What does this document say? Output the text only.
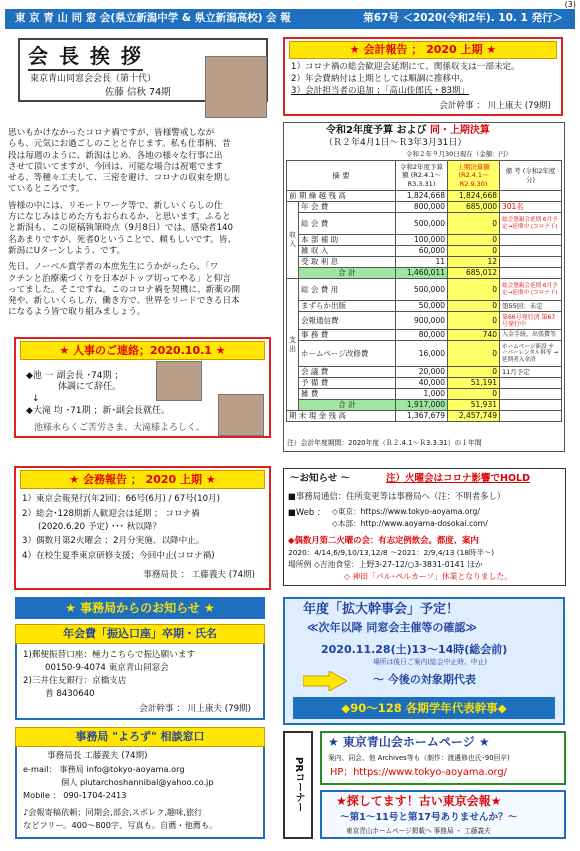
(3)
東 京 青 山 同 窓 会(県立新潟中学 & 県立新潟高校) 会 報	第67号 ＜2020(令和2年). 10. 1 発行＞
会 長 挨 拶
東京青山同窓会会長（第十代）
佐藤 信秋 74期
思いもかけなかったコロナ禍ですが、皆様警戒しなが
らも、元気にお過ごしのことと存じます。私も仕事柄、昔
段は毎週のように、新潟はじめ、各地の様々な行事に出
させて頂いてますが、今回は、可能な場合は祝電でます
せる、等種々工夫して、三密を避け、コロナの収束を期し
ているところです。
皆様の中には、リモートワーク等で、新しいくらしの仕
方になじみはじめた方もおられるか、と思います。ふると
と新潟も、この原稿執筆時点（9月8日）では、感染者140
名あまりですが、死者0ということで、頼もしいです。皆、
新潟にUターンしよう、です。
先日、ノーベル賞学者の本庶先生にうかがったら、「ワ
クチンと治療薬づくりを日本がトップ切ってやる」と仰言
ってました。そこですね。このコロナ禍を契機に、新薬の開
発や、新しいくらし方、働き方で、世界をリードできる日本
になるよう皆で取り組みましょう。
★ 人事のご連絡；2020.10.1 ★
◆池 一 副会長 ･74期 ；
体調にて辞任。
↓
◆大滝 均 ･71期 ；新･副会長就任。
池様永らくご苦労さま、大滝様よろしく。
★ 会計報告 ； 2020 上期 ★
1）コロナ禍の総会歓迎会延期にて、関係収支は一部未定。
2）年会費納付は上期としては順調に推移中。
3）会計担当者の追加 ；「高山佳郎氏・83期」
会計幹事 ： 川上康夫 (79期)
令和2年度予算 および 同・上期決算
（Ｒ２年4月1日～Ｒ3年3月31日）
令和２年９月30日現在（金額：円）
摘 要		令和2年度予算額 (R2.4.1～R3.3.31)	上期決算額 (R2.4.1～R2.9.30)	備 考 (令和2年度分)
前 期 繰 越 残 高		1,824,668	1,824,668	
収 入	年 会 費	800,000	685,000	301名
	総 会 費	500,000	0	総会懇親会延期 6月予定→延期中 (コロナ下)
	本 部 補 助	100,000	0	
	雑 収 入	60,000	0	
	受 取 利 息	11	12	
	合 計	1,460,011	685,012	
支 出	総 会 費 用	500,000	0	総会懇親会延期 6月予定→延期中 (コロナ下)
	まずらか出版	50,000	0	第55回：未定
	会報通信費	900,000	0	第66号発行済 第67号発行中
	事 務 費	80,000	740	入金手続、出張費等
	ホームページ改修費	16,000	0	ホームページ新設 サーバーレンタル料等 →延期者入金済
	会 議 費	20,000	0	11月予定
	予 備 費	40,000	51,191	
	雑 費	1,000	0	
	合 計	1,917,000	51,931	
期 末 現 金 残 高		1,367,679	2,457,749	
注）会計年度期間：2020年度（Ｒ２.4.1～Ｒ3.3.31）の１年間
★ 会務報告 ； 2020 上期 ★
1）東京会報発行(年2回)；66号(6月) / 67号(10月)
2）総会･128期新人歓迎会は延期 ； コロナ禍
(2020.6.20 予定) ･･･ 秋以降？
3）偶数月第2火曜会 ；2月分実施、以降中止。
4）在校生夏季東京研修支援；今回中止(コロナ禍)
事務局長 ： 工藤義夫 (74期)
～お知らせ ～	注）火曜会はコロナ影響でHOLD
■事務局通信：住所変更等は事務局へ（注：不明者多し）
■Web ： ◇東京：https://www.tokyo-aoyama.org/
◇本部：http://www.aoyama-dosokai.com/
◆偶数月第二火曜の会：有志定例飲会。都度、案内
2020：4/14,6/9,10/13,12/8 ～2021：2/9,4/13 (18時半～)
場所例 ◇吉池食堂：上野3-27-12/○3-3831-0141 ほか
◇ 神田「パル･ペルカーソ」休業となりました。
★ 事務局からのお知らせ ★
年会費「振込口座」卒期・氏名
1)郵便振替口座：極力こちらで振込願います
00150-9-4074 東京青山同窓会
2)三井住友銀行：京橋支店
普 8430640
会計幹事 ： 川上康夫 (79期)
年度「拡大幹事会」予定！
≪次年以降 同窓会主催等の確認≫
2020.11.28(土)13～14時(総会前)
場所は後日ご案内(総会中止時、中止)
～ 今後の対象期代表
◆90～128 各期学年代表幹事◆
事務局 "よろず" 相談窓口
事務局長 工藤義夫 (74期)
e-mail： 事務局 info@tokyo-aoyama.org
個人 plutarchoshannibal@yahoo.co.jp
Mobile ： 090-1704-2413
♪会報寄稿依頼；同期会,部会,スポレク,趣味,旅行
などフリー。400～800字、写真も。自薦・他薦も。
PRコーナー
★ 東京青山会ホームページ ★
案内、同会、他 Archives等も（制作：渡邊修也氏･90回卒)
HP；https://www.tokyo-aoyama.org/
★探してます！古い東京会報★
～第1～11号と第17号ありませんか？～
東京青山ホームページ掲載へ 事務局 ・ 工藤義夫
